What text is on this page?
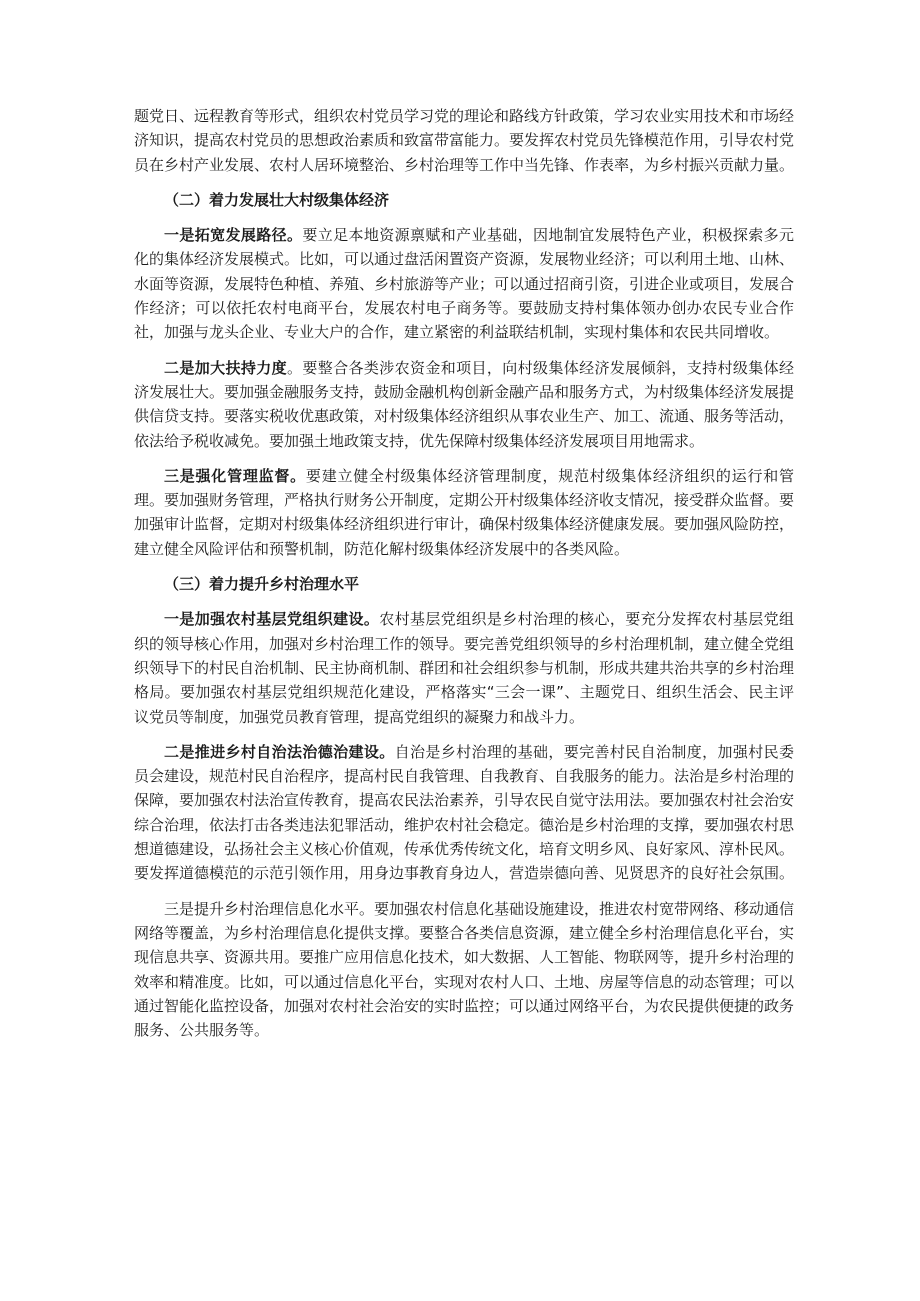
题党日、远程教育等形式，组织农村党员学习党的理论和路线方针政策，学习农业实用技术和市场经济知识，提高农村党员的思想政治素质和致富带富能力。要发挥农村党员先锋模范作用，引导农村党员在乡村产业发展、农村人居环境整治、乡村治理等工作中当先锋、作表率，为乡村振兴贡献力量。

（二）着力发展壮大村级集体经济

一是拓宽发展路径。要立足本地资源禀赋和产业基础，因地制宜发展特色产业，积极探索多元化的集体经济发展模式。比如，可以通过盘活闲置资产资源，发展物业经济；可以利用土地、山林、水面等资源，发展特色种植、养殖、乡村旅游等产业；可以通过招商引资，引进企业或项目，发展合作经济；可以依托农村电商平台，发展农村电子商务等。要鼓励支持村集体领办创办农民专业合作社，加强与龙头企业、专业大户的合作，建立紧密的利益联结机制，实现村集体和农民共同增收。

二是加大扶持力度。要整合各类涉农资金和项目，向村级集体经济发展倾斜，支持村级集体经济发展壮大。要加强金融服务支持，鼓励金融机构创新金融产品和服务方式，为村级集体经济发展提供信贷支持。要落实税收优惠政策，对村级集体经济组织从事农业生产、加工、流通、服务等活动，依法给予税收减免。要加强土地政策支持，优先保障村级集体经济发展项目用地需求。

三是强化管理监督。要建立健全村级集体经济管理制度，规范村级集体经济组织的运行和管理。要加强财务管理，严格执行财务公开制度，定期公开村级集体经济收支情况，接受群众监督。要加强审计监督，定期对村级集体经济组织进行审计，确保村级集体经济健康发展。要加强风险防控，建立健全风险评估和预警机制，防范化解村级集体经济发展中的各类风险。

（三）着力提升乡村治理水平

一是加强农村基层党组织建设。农村基层党组织是乡村治理的核心，要充分发挥农村基层党组织的领导核心作用，加强对乡村治理工作的领导。要完善党组织领导的乡村治理机制，建立健全党组织领导下的村民自治机制、民主协商机制、群团和社会组织参与机制，形成共建共治共享的乡村治理格局。要加强农村基层党组织规范化建设，严格落实“三会一课”、主题党日、组织生活会、民主评议党员等制度，加强党员教育管理，提高党组织的凝聚力和战斗力。

二是推进乡村自治法治德治建设。自治是乡村治理的基础，要完善村民自治制度，加强村民委员会建设，规范村民自治程序，提高村民自我管理、自我教育、自我服务的能力。法治是乡村治理的保障，要加强农村法治宣传教育，提高农民法治素养，引导农民自觉守法用法。要加强农村社会治安综合治理，依法打击各类违法犯罪活动，维护农村社会稳定。德治是乡村治理的支撑，要加强农村思想道德建设，弘扬社会主义核心价值观，传承优秀传统文化，培育文明乡风、良好家风、淳朴民风。要发挥道德模范的示范引领作用，用身边事教育身边人，营造崇德向善、见贤思齐的良好社会氛围。

三是提升乡村治理信息化水平。要加强农村信息化基础设施建设，推进农村宽带网络、移动通信网络等覆盖，为乡村治理信息化提供支撑。要整合各类信息资源，建立健全乡村治理信息化平台，实现信息共享、资源共用。要推广应用信息化技术，如大数据、人工智能、物联网等，提升乡村治理的效率和精准度。比如，可以通过信息化平台，实现对农村人口、土地、房屋等信息的动态管理；可以通过智能化监控设备，加强对农村社会治安的实时监控；可以通过网络平台，为农民提供便捷的政务服务、公共服务等。
